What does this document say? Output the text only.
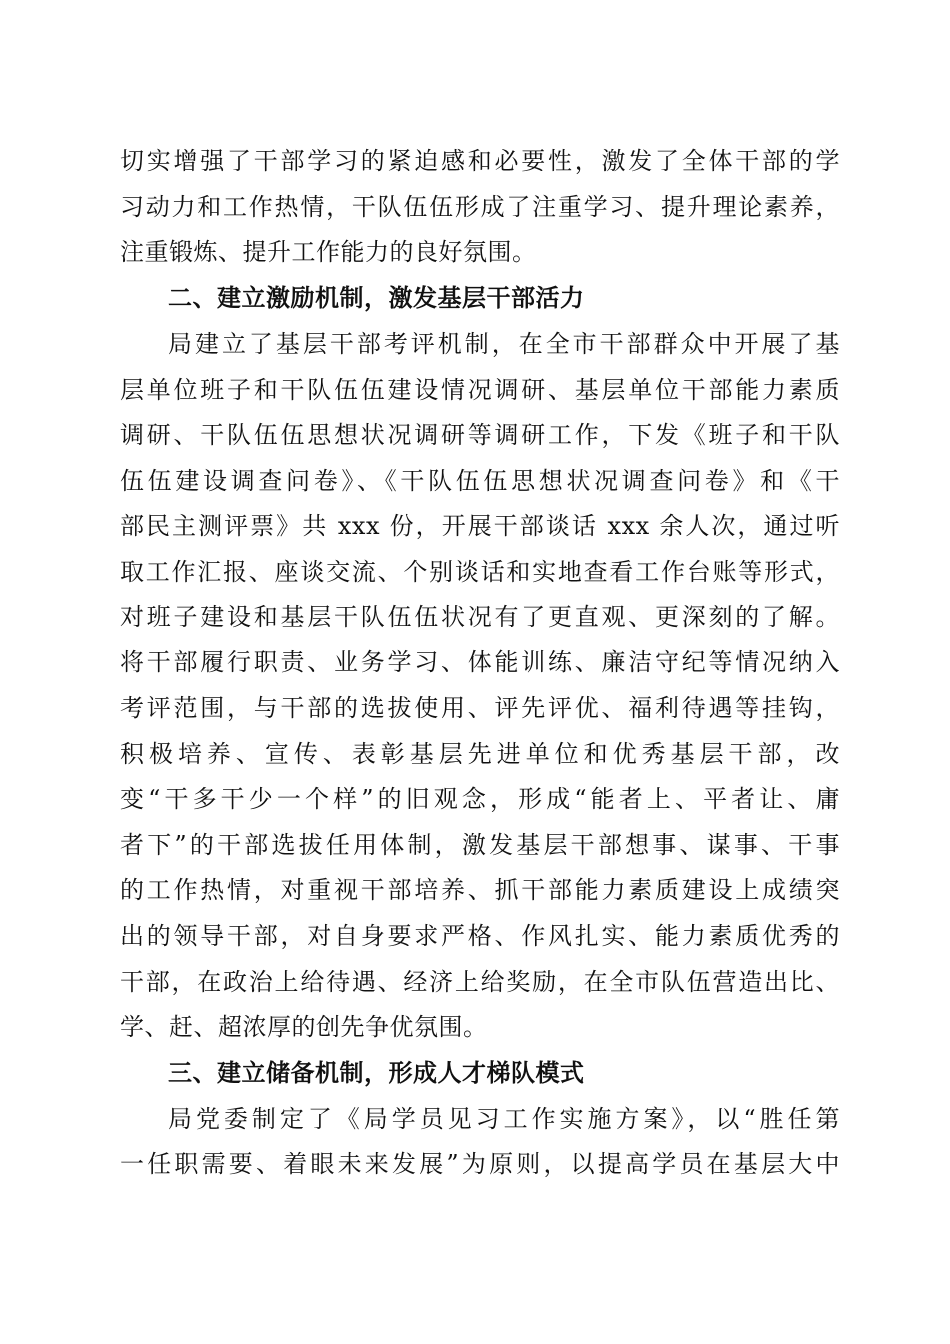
切实增强了干部学习的紧迫感和必要性，激发了全体干部的学
习动力和工作热情，干队伍伍形成了注重学习、提升理论素养，
注重锻炼、提升工作能力的良好氛围。
二、建立激励机制，激发基层干部活力
局建立了基层干部考评机制，在全市干部群众中开展了基
层单位班子和干队伍伍建设情况调研、基层单位干部能力素质
调研、干队伍伍思想状况调研等调研工作，下发《班子和干队
伍伍建设调查问卷》、《干队伍伍思想状况调查问卷》和《干
部民主测评票》共 xxx 份，开展干部谈话 xxx 余人次，通过听
取工作汇报、座谈交流、个别谈话和实地查看工作台账等形式，
对班子建设和基层干队伍伍状况有了更直观、更深刻的了解。
将干部履行职责、业务学习、体能训练、廉洁守纪等情况纳入
考评范围，与干部的选拔使用、评先评优、福利待遇等挂钩，
积极培养、宣传、表彰基层先进单位和优秀基层干部，改
变“干多干少一个样”的旧观念，形成“能者上、平者让、庸
者下”的干部选拔任用体制，激发基层干部想事、谋事、干事
的工作热情，对重视干部培养、抓干部能力素质建设上成绩突
出的领导干部，对自身要求严格、作风扎实、能力素质优秀的
干部，在政治上给待遇、经济上给奖励，在全市队伍营造出比、
学、赶、超浓厚的创先争优氛围。
三、建立储备机制，形成人才梯队模式
局党委制定了《局学员见习工作实施方案》，以“胜任第
一任职需要、着眼未来发展”为原则，以提高学员在基层大中
